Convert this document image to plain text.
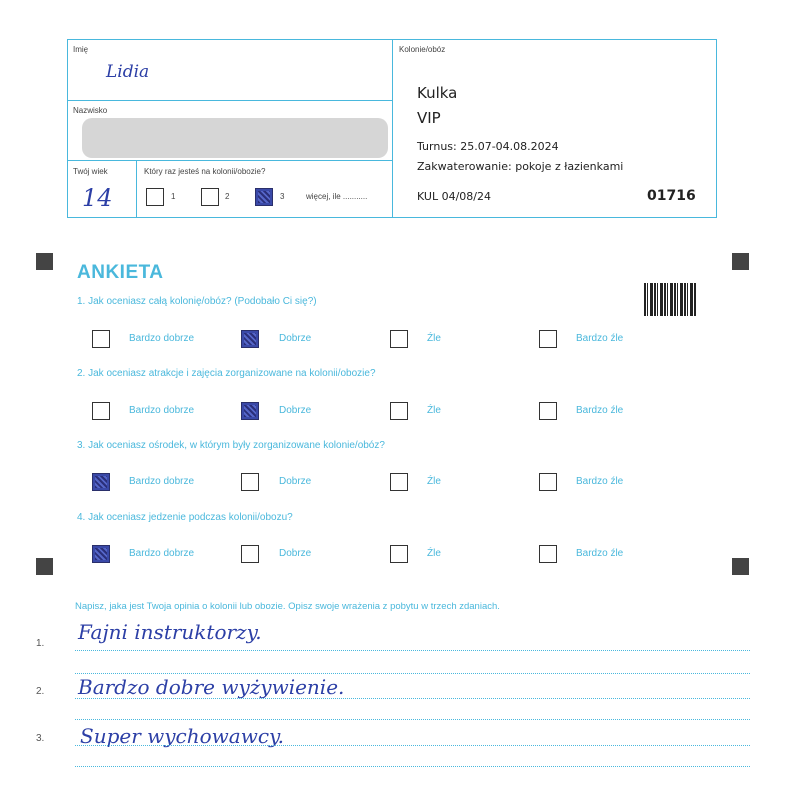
Imię
Lidia
Nazwisko
Twój wiek
14
Który raz jesteś na kolonii/obozie?
Kolonie/obóz
Kulka
VIP
Turnus: 25.07-04.08.2024
Zakwaterowanie: pokoje z łazienkami
KUL 04/08/24	01716
1	2	3	więcej, ile ...........
ANKIETA
1. Jak oceniasz całą kolonię/obóz? (Podobało Ci się?)
Bardzo dobrze	Dobrze	Źle	Bardzo źle
2. Jak oceniasz atrakcje i zajęcia zorganizowane na kolonii/obozie?
Bardzo dobrze	Dobrze	Źle	Bardzo źle
3. Jak oceniasz ośrodek, w którym były zorganizowane kolonie/obóz?
Bardzo dobrze	Dobrze	Źle	Bardzo źle
4. Jak oceniasz jedzenie podczas kolonii/obozu?
Bardzo dobrze	Dobrze	Źle	Bardzo źle
Napisz, jaka jest Twoja opinia o kolonii lub obozie. Opisz swoje wrażenia z pobytu w trzech zdaniach.
1. Fajni instruktorzy.
2. Bardzo dobre wyżywienie.
3. Super wychowawcy.
